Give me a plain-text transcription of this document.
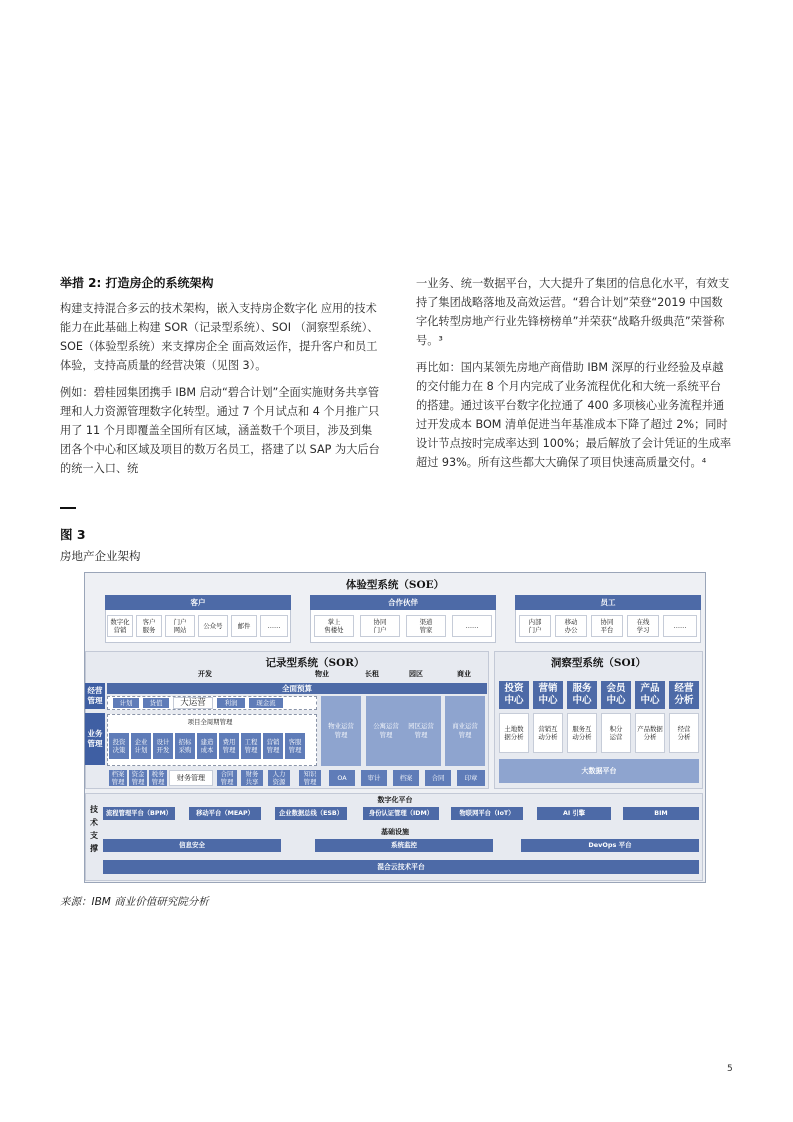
举措 2: 打造房企的系统架构

构建支持混合多云的技术架构，嵌入支持房企数字化 应用的技术能力在此基础上构建 SOR（记录型系统）、SOI （洞察型系统）、SOE（体验型系统）来支撑房企全 面高效运作，提升客户和员工体验，支持高质量的经营决策（见图 3）。

例如：碧桂园集团携手 IBM 启动“碧合计划”全面实施财务共享管理和人力资源管理数字化转型。通过 7 个月试点和 4 个月推广只用了 11 个月即覆盖全国所有区域，涵盖数千个项目，涉及到集团各个中心和区域及项目的数万名员工，搭建了以 SAP 为大后台的统一入口、统

一业务、统一数据平台，大大提升了集团的信息化水平，有效支持了集团战略落地及高效运营。“碧合计划”荣登“2019 中国数字化转型房地产行业先锋榜榜单”并荣获“战略升级典范”荣誉称号。³

再比如：国内某领先房地产商借助 IBM 深厚的行业经验及卓越的交付能力在 8 个月内完成了业务流程优化和大统一系统平台的搭建。通过该平台数字化拉通了 400 多项核心业务流程并通过开发成本 BOM 清单促进当年基准成本下降了超过 2%；同时设计节点按时完成率达到 100%；最后解放了会计凭证的生成率超过 93%。所有这些都大大确保了项目快速高质量交付。⁴

图 3
房地产企业架构
体验型系统（SOE）
客户
数字化
营销
客户
服务
门户
网站	公众号	邮件	……
合作伙伴
掌上
售楼处
协同
门户
渠道
管家	……
员工
内部
门户
移动
办公
协同
平台
在线
学习	……
记录型系统（SOR）
开发	物业	长租	园区	商业
经营
管理
业务
管理
全面预算
计划	货值	大运营	利润	现金流
项目全周期管理
投资
决策
企业
计划
设计
开发
招标
采购
建造
成本
费用
管理
工程
管理
营销
管理
客服
管理
物业运营
管理
公寓运营
管理
园区运营
管理
商业运营
管理
档案
管理
资金
管理
税务
管理	财务管理	合同
管理
财务
共享
人力
资源
知识
管理	OA	审计	档案	合同	印章
洞察型系统（SOI）
投资
中心
营销
中心
服务
中心
会员
中心
产品
中心
经营
分析
土地数
据分析
营销互
动分析
服务互
动分析
积分
运营
产品数据
分析
经营
分析
大数据平台
技术
支撑
数字化平台
流程管理平台（BPM）	移动平台（MEAP）	企业数据总线（ESB）	身份认证管理（IDM）	物联网平台（IoT）	AI 引擎	BIM
基础设施
信息安全	系统监控	DevOps 平台
混合云技术平台
来源：IBM 商业价值研究院分析
5
